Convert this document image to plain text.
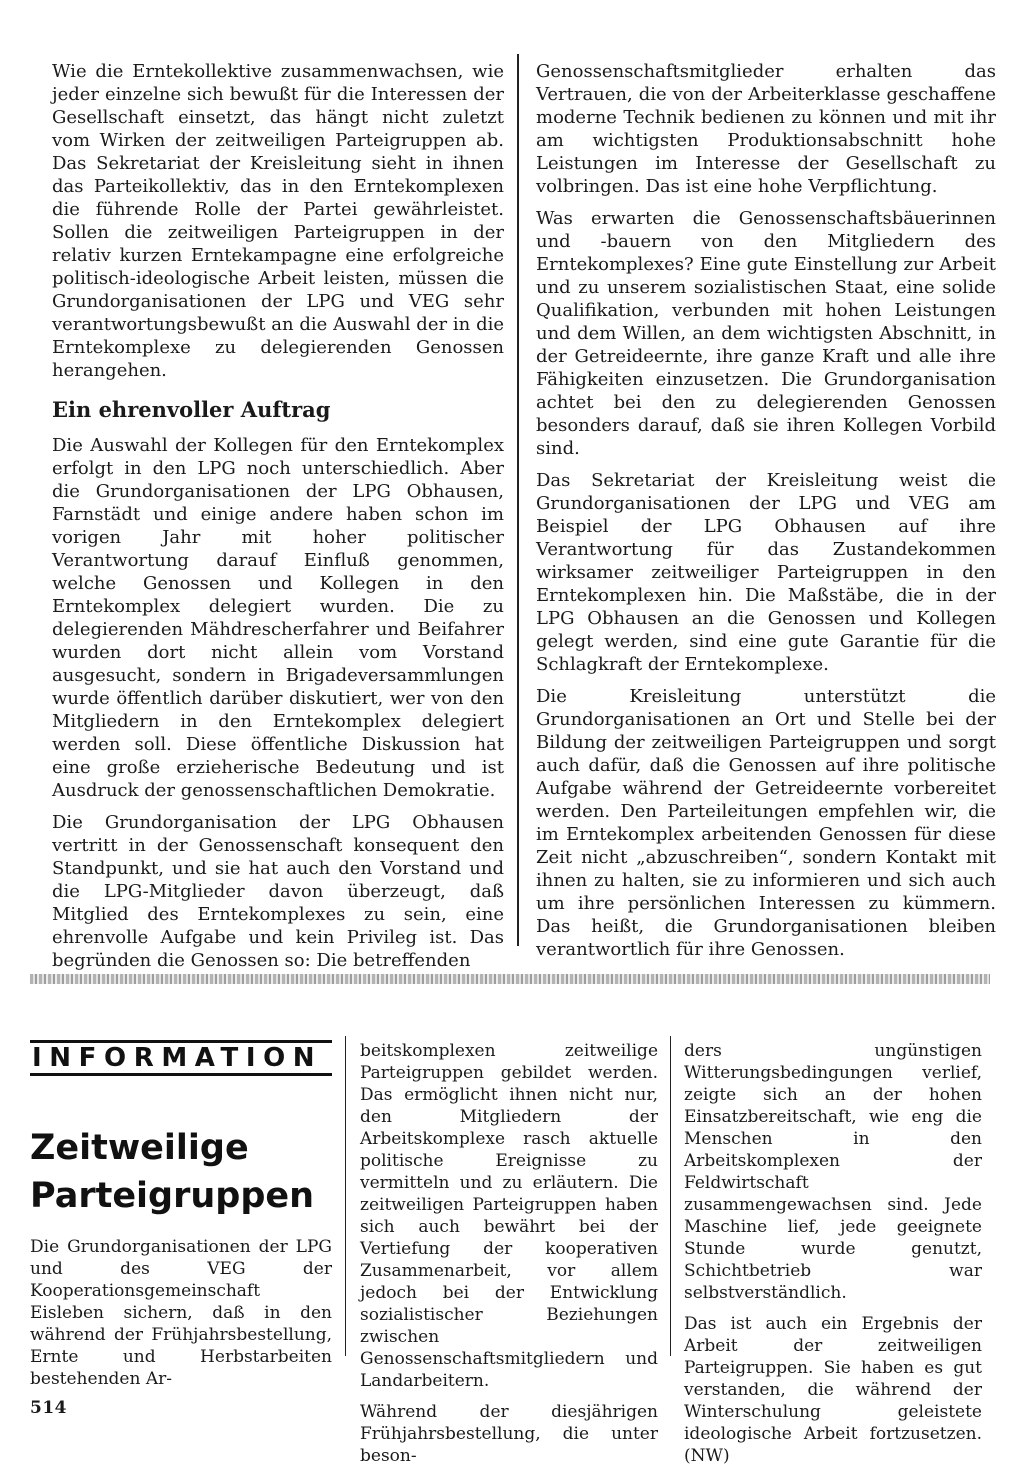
Wie die Erntekollektive zusammenwachsen, wie jeder einzelne sich bewußt für die Interessen der Gesellschaft einsetzt, das hängt nicht zuletzt vom Wirken der zeitweiligen Parteigruppen ab. Das Sekretariat der Kreisleitung sieht in ihnen das Parteikollektiv, das in den Erntekomplexen die führende Rolle der Partei gewährleistet. Sollen die zeitweiligen Parteigruppen in der relativ kurzen Erntekampagne eine erfolgreiche politisch-ideologische Arbeit leisten, müssen die Grundorganisationen der LPG und VEG sehr verantwortungsbewußt an die Auswahl der in die Erntekomplexe zu delegierenden Genossen herangehen.

Ein ehrenvoller Auftrag

Die Auswahl der Kollegen für den Erntekomplex erfolgt in den LPG noch unterschiedlich. Aber die Grundorganisationen der LPG Obhausen, Farnstädt und einige andere haben schon im vorigen Jahr mit hoher politischer Verantwortung darauf Einfluß genommen, welche Genossen und Kollegen in den Erntekomplex delegiert wurden. Die zu delegierenden Mähdrescherfahrer und Beifahrer wurden dort nicht allein vom Vorstand ausgesucht, sondern in Brigadeversammlungen wurde öffentlich darüber diskutiert, wer von den Mitgliedern in den Erntekomplex delegiert werden soll. Diese öffentliche Diskussion hat eine große erzieherische Bedeutung und ist Ausdruck der genossenschaftlichen Demokratie.

Die Grundorganisation der LPG Obhausen vertritt in der Genossenschaft konsequent den Standpunkt, und sie hat auch den Vorstand und die LPG-Mitglieder davon überzeugt, daß Mitglied des Erntekomplexes zu sein, eine ehrenvolle Aufgabe und kein Privileg ist. Das begründen die Genossen so: Die betreffenden

Genossenschaftsmitglieder erhalten das Vertrauen, die von der Arbeiterklasse geschaffene moderne Technik bedienen zu können und mit ihr am wichtigsten Produktionsabschnitt hohe Leistungen im Interesse der Gesellschaft zu volbringen. Das ist eine hohe Verpflichtung.

Was erwarten die Genossenschaftsbäuerinnen und -bauern von den Mitgliedern des Erntekomplexes? Eine gute Einstellung zur Arbeit und zu unserem sozialistischen Staat, eine solide Qualifikation, verbunden mit hohen Leistungen und dem Willen, an dem wichtigsten Abschnitt, in der Getreideernte, ihre ganze Kraft und alle ihre Fähigkeiten einzusetzen. Die Grundorganisation achtet bei den zu delegierenden Genossen besonders darauf, daß sie ihren Kollegen Vorbild sind.

Das Sekretariat der Kreisleitung weist die Grundorganisationen der LPG und VEG am Beispiel der LPG Obhausen auf ihre Verantwortung für das Zustandekommen wirksamer zeitweiliger Parteigruppen in den Erntekomplexen hin. Die Maßstäbe, die in der LPG Obhausen an die Genossen und Kollegen gelegt werden, sind eine gute Garantie für die Schlagkraft der Erntekomplexe.

Die Kreisleitung unterstützt die Grundorganisationen an Ort und Stelle bei der Bildung der zeitweiligen Parteigruppen und sorgt auch dafür, daß die Genossen auf ihre politische Aufgabe während der Getreideernte vorbereitet werden. Den Parteileitungen empfehlen wir, die im Erntekomplex arbeitenden Genossen für diese Zeit nicht „abzuschreiben“, sondern Kontakt mit ihnen zu halten, sie zu informieren und sich auch um ihre persönlichen Interessen zu kümmern. Das heißt, die Grundorganisationen bleiben verantwortlich für ihre Genossen.

INFORMATION
Zeitweilige
Parteigruppen

Die Grundorganisationen der LPG und des VEG der Kooperationsgemeinschaft Eisleben sichern, daß in den während der Frühjahrsbestellung, Ernte und Herbstarbeiten bestehenden Ar-

beitskomplexen zeitweilige Parteigruppen gebildet werden. Das ermöglicht ihnen nicht nur, den Mitgliedern der Arbeitskomplexe rasch aktuelle politische Ereignisse zu vermitteln und zu erläutern. Die zeitweiligen Parteigruppen haben sich auch bewährt bei der Vertiefung der kooperativen Zusammenarbeit, vor allem jedoch bei der Entwicklung sozialistischer Beziehungen zwischen Genossenschaftsmitgliedern und Landarbeitern.

Während der diesjährigen Frühjahrsbestellung, die unter beson-

ders ungünstigen Witterungsbedingungen verlief, zeigte sich an der hohen Einsatzbereitschaft, wie eng die Menschen in den Arbeitskomplexen der Feldwirtschaft zusammengewachsen sind. Jede Maschine lief, jede geeignete Stunde wurde genutzt, Schichtbetrieb war selbstverständlich.

Das ist auch ein Ergebnis der Arbeit der zeitweiligen Parteigruppen. Sie haben es gut verstanden, die während der Winterschulung geleistete ideologische Arbeit fortzusetzen. (NW)

514
